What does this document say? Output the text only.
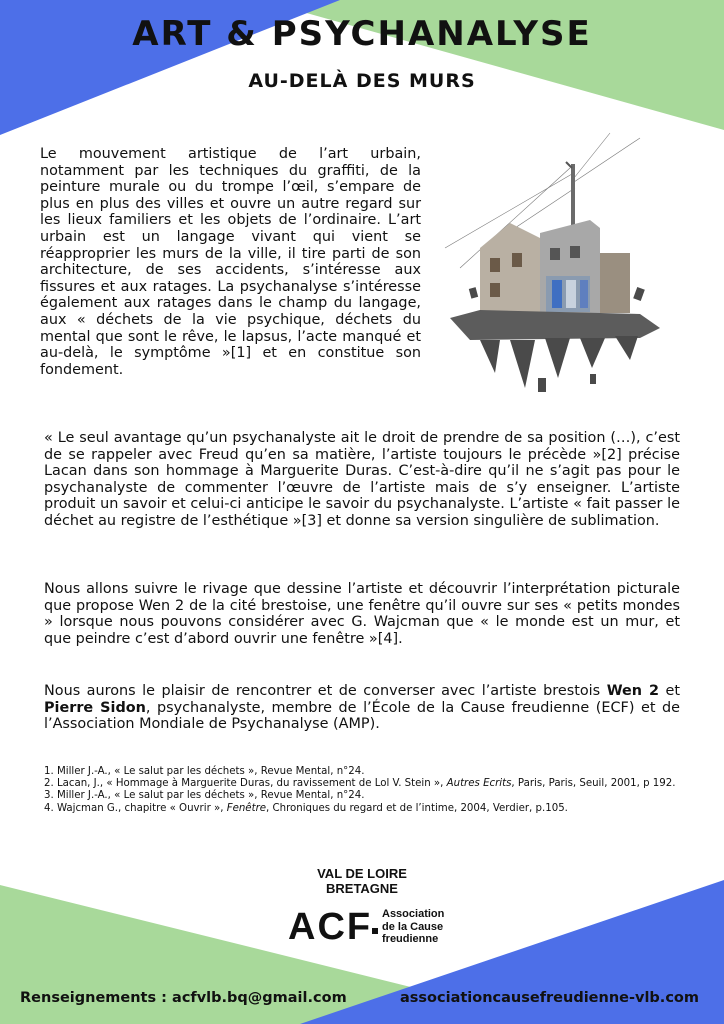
ART & PSYCHANALYSE
AU-DELÀ DES MURS

Le mouvement artistique de l’art urbain, notamment par les techniques du graffiti, de la peinture murale ou du trompe l’œil, s’empare de plus en plus des villes et ouvre un autre regard sur les lieux familiers et les objets de l’ordinaire. L’art urbain est un langage vivant qui vient se réapproprier les murs de la ville, il tire parti de son architecture, de ses accidents, s’intéresse aux fissures et aux ratages. La psychanalyse s’intéresse également aux ratages dans le champ du langage, aux « déchets de la vie psychique, déchets du mental que sont le rêve, le lapsus, l’acte manqué et au-delà, le symptôme »[1] et en constitue son fondement.

« Le seul avantage qu’un psychanalyste ait le droit de prendre de sa position (…), c’est de se rappeler avec Freud qu’en sa matière, l’artiste toujours le précède »[2] précise Lacan dans son hommage à Marguerite Duras. C’est-à-dire qu’il ne s’agit pas pour le psychanalyste de commenter l’œuvre de l’artiste mais de s’y enseigner. L’artiste produit un savoir et celui-ci anticipe le savoir du psychanalyste. L’artiste « fait passer le déchet au registre de l’esthétique »[3] et donne sa version singulière de sublimation.

Nous allons suivre le rivage que dessine l’artiste et découvrir l’interprétation picturale que propose Wen 2 de la cité brestoise, une fenêtre qu’il ouvre sur ses « petits mondes » lorsque nous pouvons considérer avec G. Wajcman que « le monde est un mur, et que peindre c’est d’abord ouvrir une fenêtre »[4].

Nous aurons le plaisir de rencontrer et de converser avec l’artiste brestois Wen 2 et Pierre Sidon, psychanalyste, membre de l’École de la Cause freudienne (ECF) et de l’Association Mondiale de Psychanalyse (AMP).

1. Miller J.-A., « Le salut par les déchets », Revue Mental, n°24.
2. Lacan, J., « Hommage à Marguerite Duras, du ravissement de Lol V. Stein », Autres Ecrits, Paris, Paris, Seuil, 2001, p 192.
3. Miller J.-A., « Le salut par les déchets », Revue Mental, n°24.
4. Wajcman G., chapitre « Ouvrir », Fenêtre, Chroniques du regard et de l’intime, 2004, Verdier, p.105.
VAL DE LOIRE
BRETAGNE
ACF Association
de la Cause
freudienne
Renseignements : acfvlb.bq@gmail.com	associationcausefreudienne-vlb.com
